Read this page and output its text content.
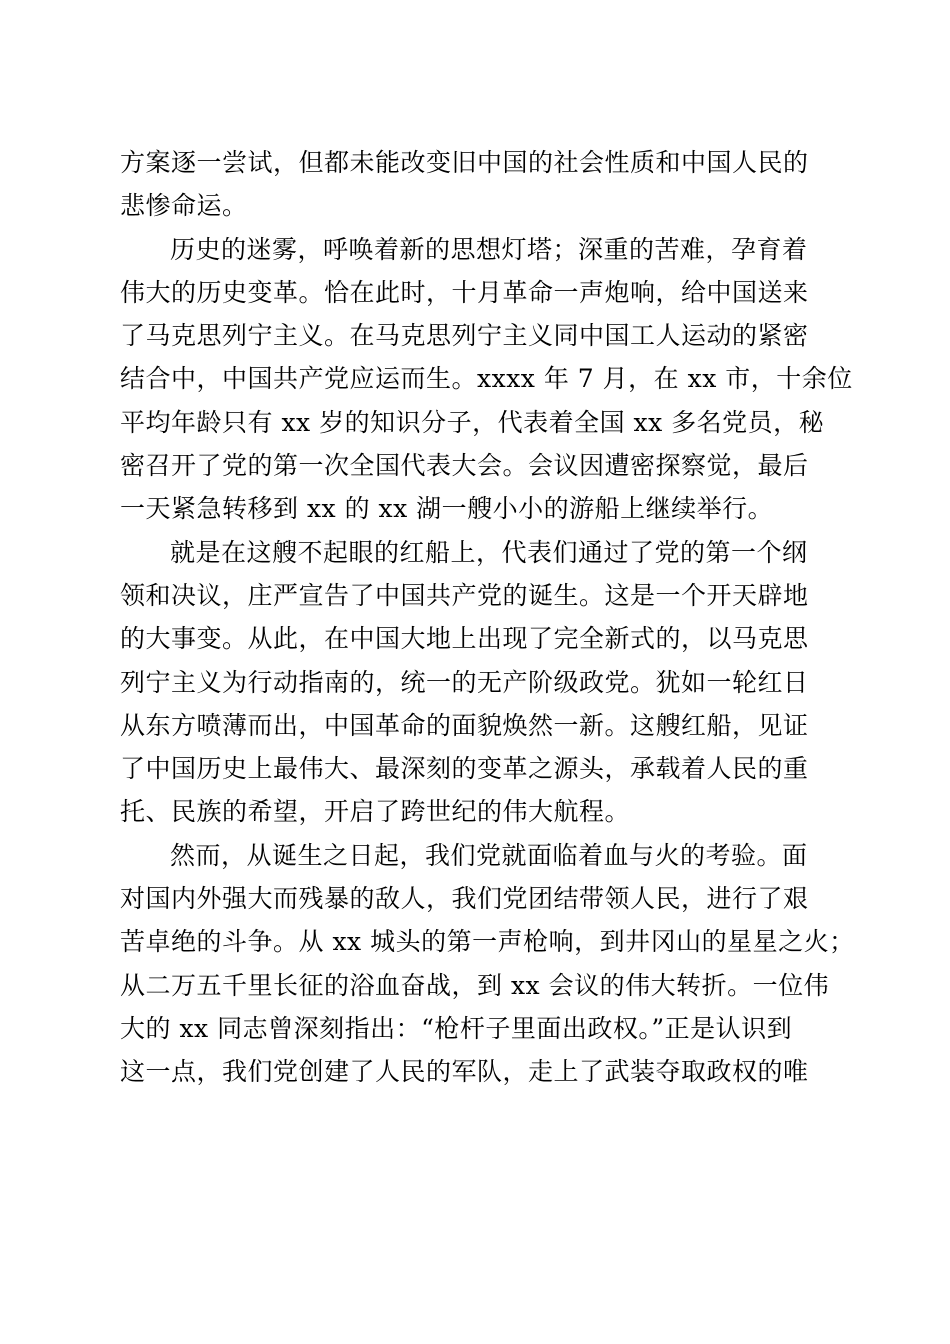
方案逐一尝试，但都未能改变旧中国的社会性质和中国人民的
悲惨命运。
历史的迷雾，呼唤着新的思想灯塔；深重的苦难，孕育着
伟大的历史变革。恰在此时，十月革命一声炮响，给中国送来
了马克思列宁主义。在马克思列宁主义同中国工人运动的紧密
结合中，中国共产党应运而生。xxxx 年 7 月，在 xx 市，十余位
平均年龄只有 xx 岁的知识分子，代表着全国 xx 多名党员，秘
密召开了党的第一次全国代表大会。会议因遭密探察觉，最后
一天紧急转移到 xx 的 xx 湖一艘小小的游船上继续举行。
就是在这艘不起眼的红船上，代表们通过了党的第一个纲
领和决议，庄严宣告了中国共产党的诞生。这是一个开天辟地
的大事变。从此，在中国大地上出现了完全新式的，以马克思
列宁主义为行动指南的，统一的无产阶级政党。犹如一轮红日
从东方喷薄而出，中国革命的面貌焕然一新。这艘红船，见证
了中国历史上最伟大、最深刻的变革之源头，承载着人民的重
托、民族的希望，开启了跨世纪的伟大航程。
然而，从诞生之日起，我们党就面临着血与火的考验。面
对国内外强大而残暴的敌人，我们党团结带领人民，进行了艰
苦卓绝的斗争。从 xx 城头的第一声枪响，到井冈山的星星之火；
从二万五千里长征的浴血奋战，到 xx 会议的伟大转折。一位伟
大的 xx 同志曾深刻指出：“枪杆子里面出政权。”正是认识到
这一点，我们党创建了人民的军队，走上了武装夺取政权的唯
